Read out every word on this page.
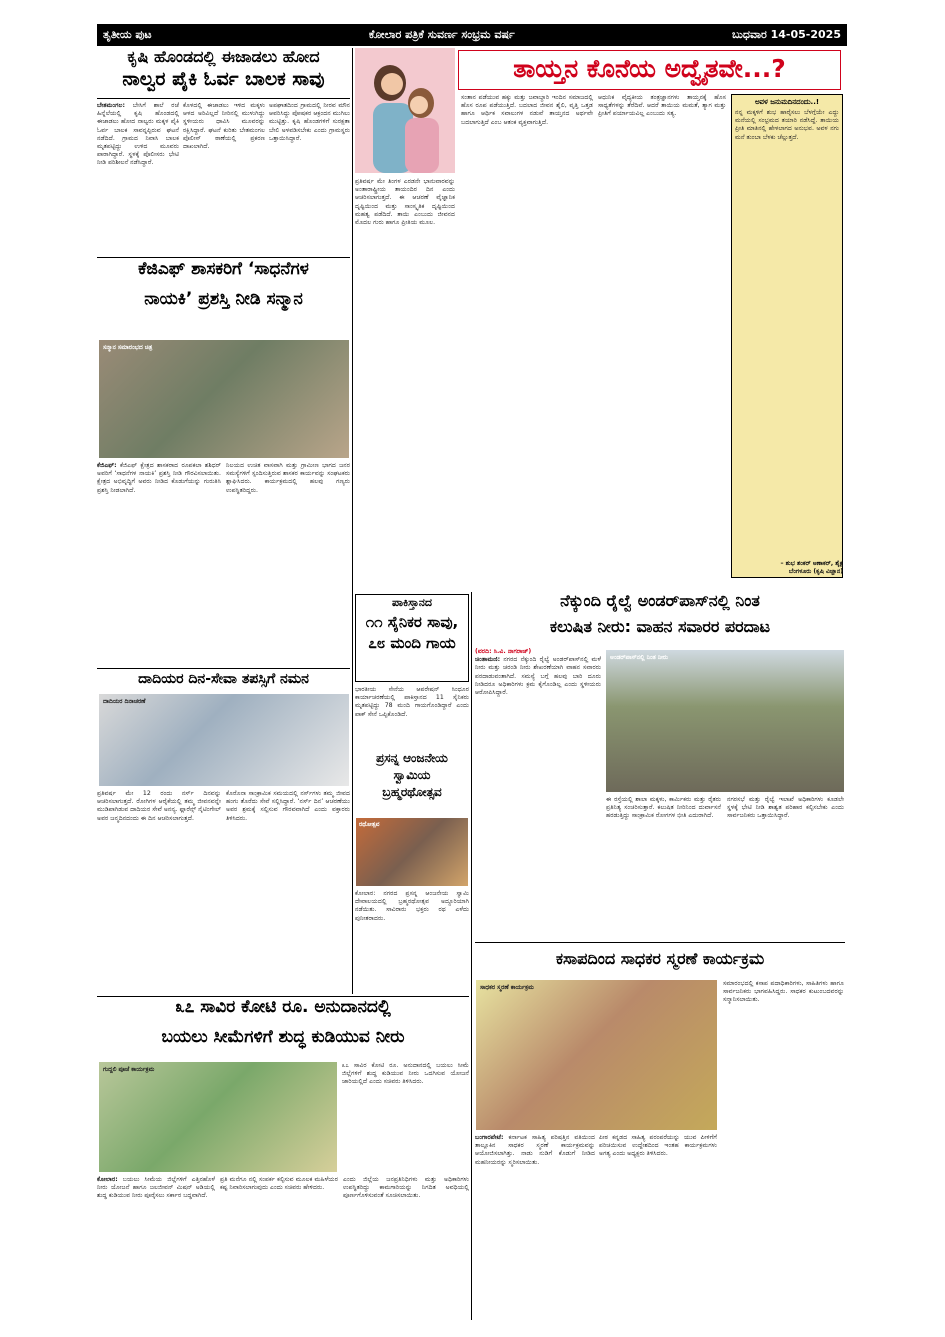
ತೃತೀಯ ಪುಟ	ಕೋಲಾರ ಪತ್ರಿಕೆ ಸುವರ್ಣ ಸಂಭ್ರಮ ವರ್ಷ	ಬುಧವಾರ 14-05-2025
ಕೃಷಿ ಹೊಂಡದಲ್ಲಿ ಈಜಾಡಲು ಹೋದ
ನಾಲ್ವರ ಪೈಕಿ ಓರ್ವ ಬಾಲಕ ಸಾವು
ಬೇತಮಂಗಲ: ಬೇಸಿಗೆ ಶಾಲೆ ರಜೆ ಹಿನ್ನೆಲೆಯಲ್ಲಿ ಕೃಷಿ ಹೊಂಡದಲ್ಲಿ ಈಜಾಡಲು ಹೋದ ನಾಲ್ವರು ಮಕ್ಕಳ ಪೈಕಿ ಓರ್ವ ಬಾಲಕ ಸಾವನ್ನಪ್ಪಿರುವ ಘಟನೆ ನಡೆದಿದೆ. ಗ್ರಾಮದ ನಿವಾಸಿ ಬಾಲಕ ಮೃತಪಟ್ಟಿದ್ದು ಉಳಿದ ಮೂವರು ಪಾರಾಗಿದ್ದಾರೆ. ಸ್ಥಳಕ್ಕೆ ಪೊಲೀಸರು ಭೇಟಿ ನೀಡಿ ಪರಿಶೀಲನೆ ನಡೆಸಿದ್ದಾರೆ.
ಕೊಳದಲ್ಲಿ ಈಜಾಡಲು ಇಳಿದ ಮಕ್ಕಳು ಆಳದ ಅರಿವಿಲ್ಲದೆ ನೀರಿನಲ್ಲಿ ಮುಳುಗಿದ್ದು ಸ್ಥಳೀಯರು ಧಾವಿಸಿ ಮೂವರನ್ನು ರಕ್ಷಿಸಿದ್ದಾರೆ. ಘಟನೆ ಕುರಿತು ಬೇತಮಂಗಲ ಪೊಲೀಸ್ ಠಾಣೆಯಲ್ಲಿ ಪ್ರಕರಣ ದಾಖಲಾಗಿದೆ.
ಅಪಘಾತದಿಂದ ಗ್ರಾಮದಲ್ಲಿ ನೀರವ ಮೌನ ಆವರಿಸಿದ್ದು ಪೋಷಕರ ಆಕ್ರಂದನ ಮುಗಿಲು ಮುಟ್ಟಿತ್ತು. ಕೃಷಿ ಹೊಂಡಗಳಿಗೆ ಸುರಕ್ಷತಾ ಬೇಲಿ ಅಳವಡಿಸಬೇಕು ಎಂದು ಗ್ರಾಮಸ್ಥರು ಒತ್ತಾಯಿಸಿದ್ದಾರೆ.
ತಾಯ್ತನ ಕೊನೆಯ ಅದ್ವೈತವೇ...?
ಪ್ರತಿವರ್ಷ ಮೇ ತಿಂಗಳ ಎರಡನೇ ಭಾನುವಾರವನ್ನು ಅಂತಾರಾಷ್ಟ್ರೀಯ ತಾಯಂದಿರ ದಿನ ಎಂದು ಆಚರಿಸಲಾಗುತ್ತದೆ. ಈ ಆಚರಣೆ ವೈಜ್ಞಾನಿಕ ದೃಷ್ಟಿಯಿಂದ ಮತ್ತು ಸಾಂಸ್ಕೃತಿಕ ದೃಷ್ಟಿಯಿಂದ ಮಹತ್ವ ಪಡೆದಿದೆ. ತಾಯಿ ಎಂಬುದು ಜೀವನದ ಮೊದಲ ಗುರು ಹಾಗೂ ಪ್ರೀತಿಯ ಮೂಲ.
ಸಂತಾನ ಪಡೆಯುವ ಹಕ್ಕು ಮತ್ತು ಜವಾಬ್ದಾರಿ ಇಂದಿನ ಸಮಾಜದಲ್ಲಿ ಹೊಸ ರೂಪ ಪಡೆಯುತ್ತಿದೆ. ಬದಲಾದ ಜೀವನ ಶೈಲಿ, ವೃತ್ತಿ ಒತ್ತಡ ಹಾಗೂ ಆರ್ಥಿಕ ಸವಾಲುಗಳ ನಡುವೆ ತಾಯ್ತನದ ಅರ್ಥವೇ ಬದಲಾಗುತ್ತಿದೆ ಎಂಬ ಆತಂಕ ವ್ಯಕ್ತವಾಗುತ್ತಿದೆ.
ಆಧುನಿಕ ವೈದ್ಯಕೀಯ ತಂತ್ರಜ್ಞಾನಗಳು ತಾಯ್ತನಕ್ಕೆ ಹೊಸ ಸಾಧ್ಯತೆಗಳನ್ನು ತೆರೆದಿವೆ. ಆದರೆ ತಾಯಿಯ ಮಮತೆ, ತ್ಯಾಗ ಮತ್ತು ಪ್ರೀತಿಗೆ ಪರ್ಯಾಯವಿಲ್ಲ ಎಂಬುದು ಸತ್ಯ.
ಅವಳ ಜನುಮದಿನದಂದು..!
ನನ್ನ ಮಕ್ಕಳಿಗೆ ಶುಭ ಹಾರೈಸಲು ಬೆಳಗ್ಗೆಯೇ ಎದ್ದು ಮನೆಯಲ್ಲಿ ಸಂಭ್ರಮದ ತಯಾರಿ ನಡೆಸಿದ್ದೆ. ತಾಯಿಯ ಪ್ರೀತಿ ಮಾತಿನಲ್ಲಿ ಹೇಳಲಾಗದ ಅನುಭವ. ಅವಳ ನಗು ಮನೆ ತುಂಬಾ ಬೆಳಕು ಚೆಲ್ಲುತ್ತದೆ.
– ಶುಭ ಶಂಕರ್ ಅಣಾಕರ್, ಶೈಕ್ಷ
ಬೆಂಗಳೂರು (ಕೃಷಿ ವಿಜ್ಞಾನ)
ಕೆಜಿಎಫ್ ಶಾಸಕರಿಗೆ ‘ಸಾಧನೆಗಳ
ನಾಯಕಿ’ ಪ್ರಶಸ್ತಿ ನೀಡಿ ಸನ್ಮಾನ
ಸನ್ಮಾನ ಸಮಾರಂಭದ ಚಿತ್ರ
ಕೆಜಿಎಫ್: ಕೆಜಿಎಫ್ ಕ್ಷೇತ್ರದ ಶಾಸಕರಾದ ರೂಪಕಲಾ ಶಶಿಧರ್ ಅವರಿಗೆ ‘ಸಾಧನೆಗಳ ನಾಯಕಿ’ ಪ್ರಶಸ್ತಿ ನೀಡಿ ಗೌರವಿಸಲಾಯಿತು. ಕ್ಷೇತ್ರದ ಅಭಿವೃದ್ಧಿಗೆ ಅವರು ನೀಡಿದ ಕೊಡುಗೆಯನ್ನು ಗುರುತಿಸಿ ಪ್ರಶಸ್ತಿ ನೀಡಲಾಗಿದೆ.
ನಿಲಯದ ಉಚಿತ ವಾಸವಾಗಿ ಮತ್ತು ಗ್ರಾಮೀಣ ಭಾಗದ ಜನರ ಸಮಸ್ಯೆಗಳಿಗೆ ಸ್ಪಂದಿಸುತ್ತಿರುವ ಶಾಸಕರ ಕಾರ್ಯವನ್ನು ಸಂಘಟಕರು ಶ್ಲಾಘಿಸಿದರು. ಕಾರ್ಯಕ್ರಮದಲ್ಲಿ ಹಲವು ಗಣ್ಯರು ಉಪಸ್ಥಿತರಿದ್ದರು.
ದಾದಿಯರ ದಿನ-ಸೇವಾ ತಪಸ್ಸಿಗೆ ನಮನ
ದಾದಿಯರ ದಿನಾಚರಣೆ
ಪ್ರತಿವರ್ಷ ಮೇ 12 ರಂದು ನರ್ಸ್ ದಿನವನ್ನು ಆಚರಿಸಲಾಗುತ್ತದೆ. ರೋಗಿಗಳ ಆರೈಕೆಯಲ್ಲಿ ತಮ್ಮ ಜೀವನವನ್ನೇ ಮುಡಿಪಾಗಿಡುವ ದಾದಿಯರ ಸೇವೆ ಅನನ್ಯ. ಫ್ಲಾರೆನ್ಸ್ ನೈಟಿಂಗೇಲ್ ಅವರ ಜನ್ಮದಿನದಂದು ಈ ದಿನ ಆಚರಿಸಲಾಗುತ್ತದೆ.
ಕೊರೊನಾ ಸಾಂಕ್ರಾಮಿಕ ಸಮಯದಲ್ಲಿ ನರ್ಸ್‌ಗಳು ತಮ್ಮ ಜೀವದ ಹಂಗು ತೊರೆದು ಸೇವೆ ಸಲ್ಲಿಸಿದ್ದಾರೆ. ‘ನರ್ಸ್ ದಿನ’ ಆಚರಣೆಯು ಅವರ ಶ್ರಮಕ್ಕೆ ಸಲ್ಲಿಸುವ ಗೌರವವಾಗಿದೆ ಎಂದು ವಕ್ತಾರರು ತಿಳಿಸಿದರು.
ಪಾಕಿಸ್ತಾನದ
೧೧ ಸೈನಿಕರ ಸಾವು,
೭೮ ಮಂದಿ ಗಾಯ
ಭಾರತೀಯ ಸೇನೆಯ ಆಪರೇಷನ್ ಸಿಂಧೂರ ಕಾರ್ಯಾಚರಣೆಯಲ್ಲಿ ಪಾಕಿಸ್ತಾನದ 11 ಸೈನಿಕರು ಮೃತಪಟ್ಟಿದ್ದು 78 ಮಂದಿ ಗಾಯಗೊಂಡಿದ್ದಾರೆ ಎಂದು ಪಾಕ್ ಸೇನೆ ಒಪ್ಪಿಕೊಂಡಿದೆ.
ಪ್ರಸನ್ನ ಆಂಜನೇಯ
ಸ್ವಾಮಿಯ
ಬ್ರಹ್ಮರಥೋತ್ಸವ
ರಥೋತ್ಸವ
ಕೋಲಾರ: ನಗರದ ಪ್ರಸನ್ನ ಆಂಜನೇಯ ಸ್ವಾಮಿ ದೇವಾಲಯದಲ್ಲಿ ಬ್ರಹ್ಮರಥೋತ್ಸವ ಅದ್ದೂರಿಯಾಗಿ ನಡೆಯಿತು. ಸಾವಿರಾರು ಭಕ್ತರು ರಥ ಎಳೆದು ಪುನೀತರಾದರು.
ನೆಕ್ಕುಂದಿ ರೈಲ್ವೆ ಅಂಡರ್‌ಪಾಸ್‌ನಲ್ಲಿ ನಿಂತ
ಕಲುಷಿತ ನೀರು: ವಾಹನ ಸವಾರರ ಪರದಾಟ
(ವರದಿ: ಸಿ.ವಿ. ನಾಗರಾಜ್)
ಚಿಂತಾಮಣಿ: ನಗರದ ನೆಕ್ಕುಂದಿ ರೈಲ್ವೆ ಅಂಡರ್‌ಪಾಸ್‌ನಲ್ಲಿ ಮಳೆ ನೀರು ಮತ್ತು ಚರಂಡಿ ನೀರು ಶೇಖರಣೆಯಾಗಿ ವಾಹನ ಸವಾರರು ಪರದಾಡುವಂತಾಗಿದೆ. ಸಮಸ್ಯೆ ಬಗ್ಗೆ ಹಲವು ಬಾರಿ ದೂರು ನೀಡಿದರೂ ಅಧಿಕಾರಿಗಳು ಕ್ರಮ ಕೈಗೊಂಡಿಲ್ಲ ಎಂದು ಸ್ಥಳೀಯರು ಆರೋಪಿಸಿದ್ದಾರೆ.
ಅಂಡರ್‌ಪಾಸ್‌ನಲ್ಲಿ ನಿಂತ ನೀರು
ಈ ರಸ್ತೆಯಲ್ಲಿ ಶಾಲಾ ಮಕ್ಕಳು, ಕಾರ್ಮಿಕರು ಮತ್ತು ರೈತರು ಪ್ರತಿನಿತ್ಯ ಸಂಚರಿಸುತ್ತಾರೆ. ಕಲುಷಿತ ನೀರಿನಿಂದ ದುರ್ವಾಸನೆ ಹರಡುತ್ತಿದ್ದು ಸಾಂಕ್ರಾಮಿಕ ರೋಗಗಳ ಭೀತಿ ಎದುರಾಗಿದೆ.
ನಗರಸಭೆ ಮತ್ತು ರೈಲ್ವೆ ಇಲಾಖೆ ಅಧಿಕಾರಿಗಳು ಕೂಡಲೇ ಸ್ಥಳಕ್ಕೆ ಭೇಟಿ ನೀಡಿ ಶಾಶ್ವತ ಪರಿಹಾರ ಕಲ್ಪಿಸಬೇಕು ಎಂದು ಸಾರ್ವಜನಿಕರು ಒತ್ತಾಯಿಸಿದ್ದಾರೆ.
ಕಸಾಪದಿಂದ ಸಾಧಕರ ಸ್ಮರಣೆ ಕಾರ್ಯಕ್ರಮ
ಸಾಧಕರ ಸ್ಮರಣೆ ಕಾರ್ಯಕ್ರಮ
ಬಂಗಾರಪೇಟೆ: ಕರ್ನಾಟಕ ಸಾಹಿತ್ಯ ಪರಿಷತ್ತಿನ ವತಿಯಿಂದ ತಾಲ್ಲೂಕಿನ ಸಾಧಕರ ಸ್ಮರಣೆ ಕಾರ್ಯಕ್ರಮವನ್ನು ಆಯೋಜಿಸಲಾಗಿತ್ತು. ನಾಡು ನುಡಿಗೆ ಕೊಡುಗೆ ನೀಡಿದ ಮಹನೀಯರನ್ನು ಸ್ಮರಿಸಲಾಯಿತು.
ಪೀಠ ಕನ್ನಡದ ಸಾಹಿತ್ಯ ಪರಂಪರೆಯನ್ನು ಯುವ ಪೀಳಿಗೆಗೆ ಪರಿಚಯಿಸುವ ಉದ್ದೇಶದಿಂದ ಇಂತಹ ಕಾರ್ಯಕ್ರಮಗಳು ಅಗತ್ಯ ಎಂದು ಅಧ್ಯಕ್ಷರು ತಿಳಿಸಿದರು.
ಸಮಾರಂಭದಲ್ಲಿ ಕಸಾಪ ಪದಾಧಿಕಾರಿಗಳು, ಸಾಹಿತಿಗಳು ಹಾಗೂ ಸಾರ್ವಜನಿಕರು ಭಾಗವಹಿಸಿದ್ದರು. ಸಾಧಕರ ಕುಟುಂಬದವರನ್ನು ಸನ್ಮಾನಿಸಲಾಯಿತು.
೩೭ ಸಾವಿರ ಕೋಟಿ ರೂ. ಅನುದಾನದಲ್ಲಿ
ಬಯಲು ಸೀಮೆಗಳಿಗೆ ಶುದ್ಧ ಕುಡಿಯುವ ನೀರು
ಗುದ್ದಲಿ ಪೂಜೆ ಕಾರ್ಯಕ್ರಮ
೩೭ ಸಾವಿರ ಕೋಟಿ ರೂ. ಅನುದಾನದಲ್ಲಿ ಬಯಲು ಸೀಮೆ ಜಿಲ್ಲೆಗಳಿಗೆ ಶುದ್ಧ ಕುಡಿಯುವ ನೀರು ಒದಗಿಸುವ ಯೋಜನೆ ಜಾರಿಯಲ್ಲಿದೆ ಎಂದು ಸಚಿವರು ತಿಳಿಸಿದರು.
ಕೋಲಾರ: ಬಯಲು ಸೀಮೆಯ ಜಿಲ್ಲೆಗಳಿಗೆ ಎತ್ತಿನಹೊಳೆ ನೀರು ಯೋಜನೆ ಹಾಗೂ ಜಲಜೀವನ್ ಮಿಷನ್ ಅಡಿಯಲ್ಲಿ ಶುದ್ಧ ಕುಡಿಯುವ ನೀರು ಪೂರೈಸಲು ಸರ್ಕಾರ ಬದ್ಧವಾಗಿದೆ.
ಪ್ರತಿ ಮನೆಗೂ ನಲ್ಲಿ ಸಂಪರ್ಕ ಕಲ್ಪಿಸುವ ಮೂಲಕ ಮಹಿಳೆಯರ ಕಷ್ಟ ನಿವಾರಿಸಲಾಗುವುದು ಎಂದು ಸಚಿವರು ಹೇಳಿದರು.
ಎಂದು ಜಿಲ್ಲೆಯ ಜನಪ್ರತಿನಿಧಿಗಳು ಮತ್ತು ಅಧಿಕಾರಿಗಳು ಉಪಸ್ಥಿತರಿದ್ದು ಕಾಮಗಾರಿಯನ್ನು ನಿಗದಿತ ಅವಧಿಯಲ್ಲಿ ಪೂರ್ಣಗೊಳಿಸುವಂತೆ ಸೂಚಿಸಲಾಯಿತು.
